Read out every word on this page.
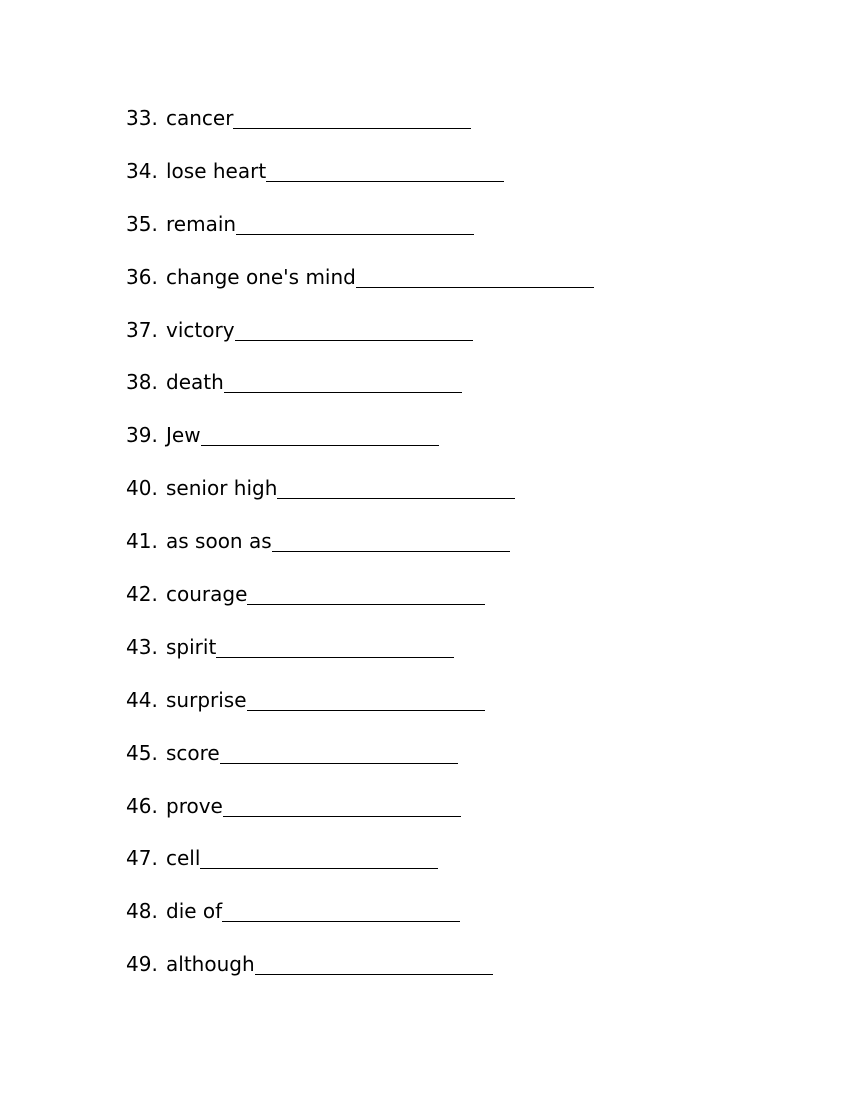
33. cancer
34. lose heart
35. remain
36. change one's mind
37. victory
38. death
39. Jew
40. senior high
41. as soon as
42. courage
43. spirit
44. surprise
45. score
46. prove
47. cell
48. die of
49. although
